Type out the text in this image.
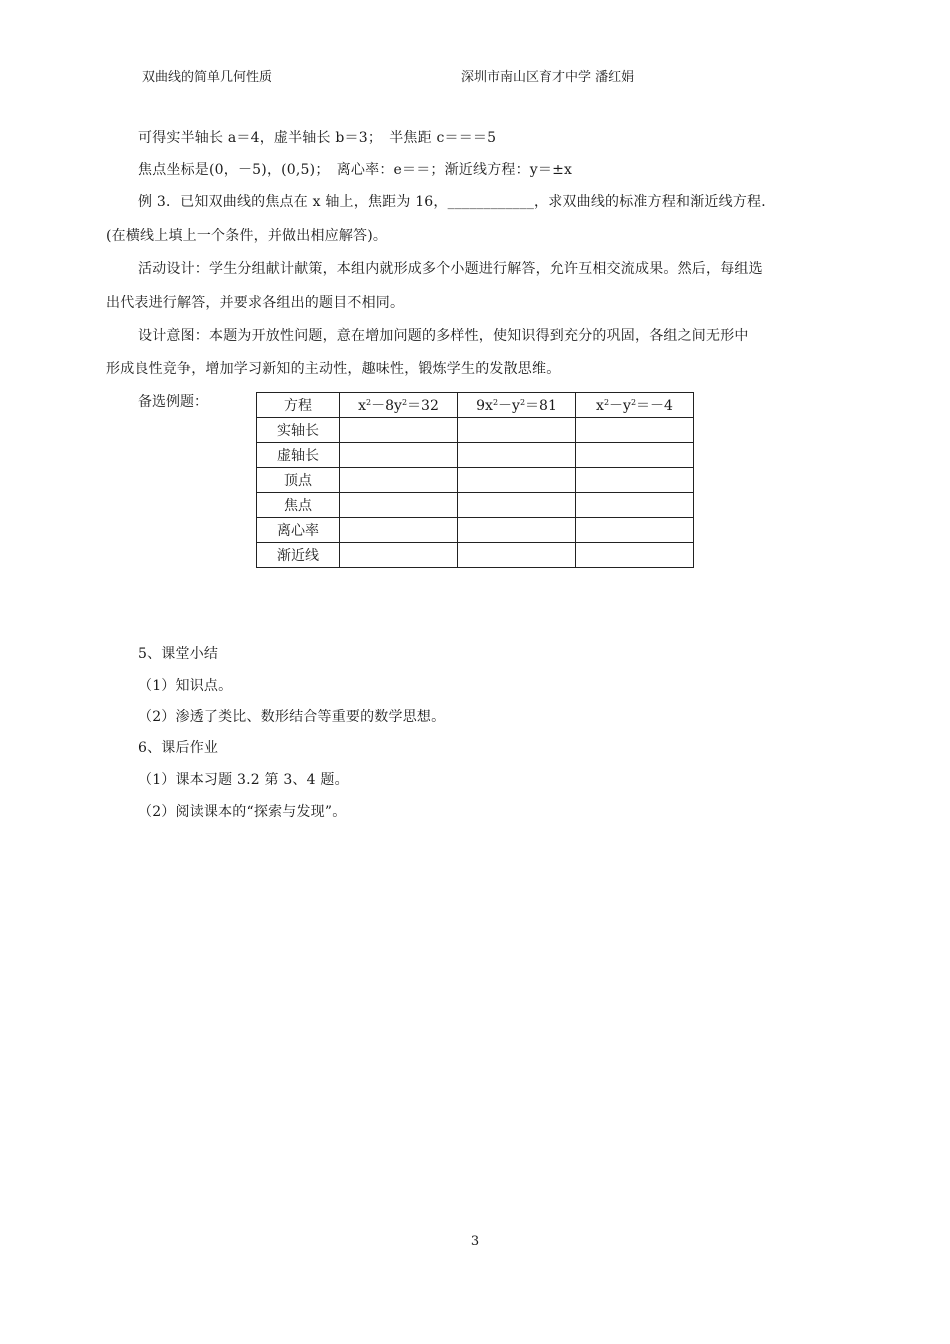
双曲线的简单几何性质	深圳市南山区育才中学 潘红娟
可得实半轴长 a＝4，虚半轴长 b＝3；　半焦距 c＝＝＝5
焦点坐标是(0，－5)，(0,5)；　离心率：e＝＝；渐近线方程：y＝±x
例 3．已知双曲线的焦点在 x 轴上，焦距为 16，____________，求双曲线的标准方程和渐近线方程．
(在横线上填上一个条件，并做出相应解答)。
活动设计：学生分组献计献策，本组内就形成多个小题进行解答，允许互相交流成果。然后，每组选
出代表进行解答，并要求各组出的题目不相同。
设计意图：本题为开放性问题，意在增加问题的多样性，使知识得到充分的巩固，各组之间无形中
形成良性竞争，增加学习新知的主动性，趣味性，锻炼学生的发散思维。
备选例题：	方程	$x^2-8y^2=32$	$9x^2-y^2=81$	$x^2-y^2=-4$
实轴长			
虚轴长			
顶点			
焦点			
离心率			
渐近线			
5、课堂小结
（1）知识点。
（2）渗透了类比、数形结合等重要的数学思想。
6、课后作业
（1）课本习题 3.2 第 3、4 题。
（2）阅读课本的“探索与发现”。
3
